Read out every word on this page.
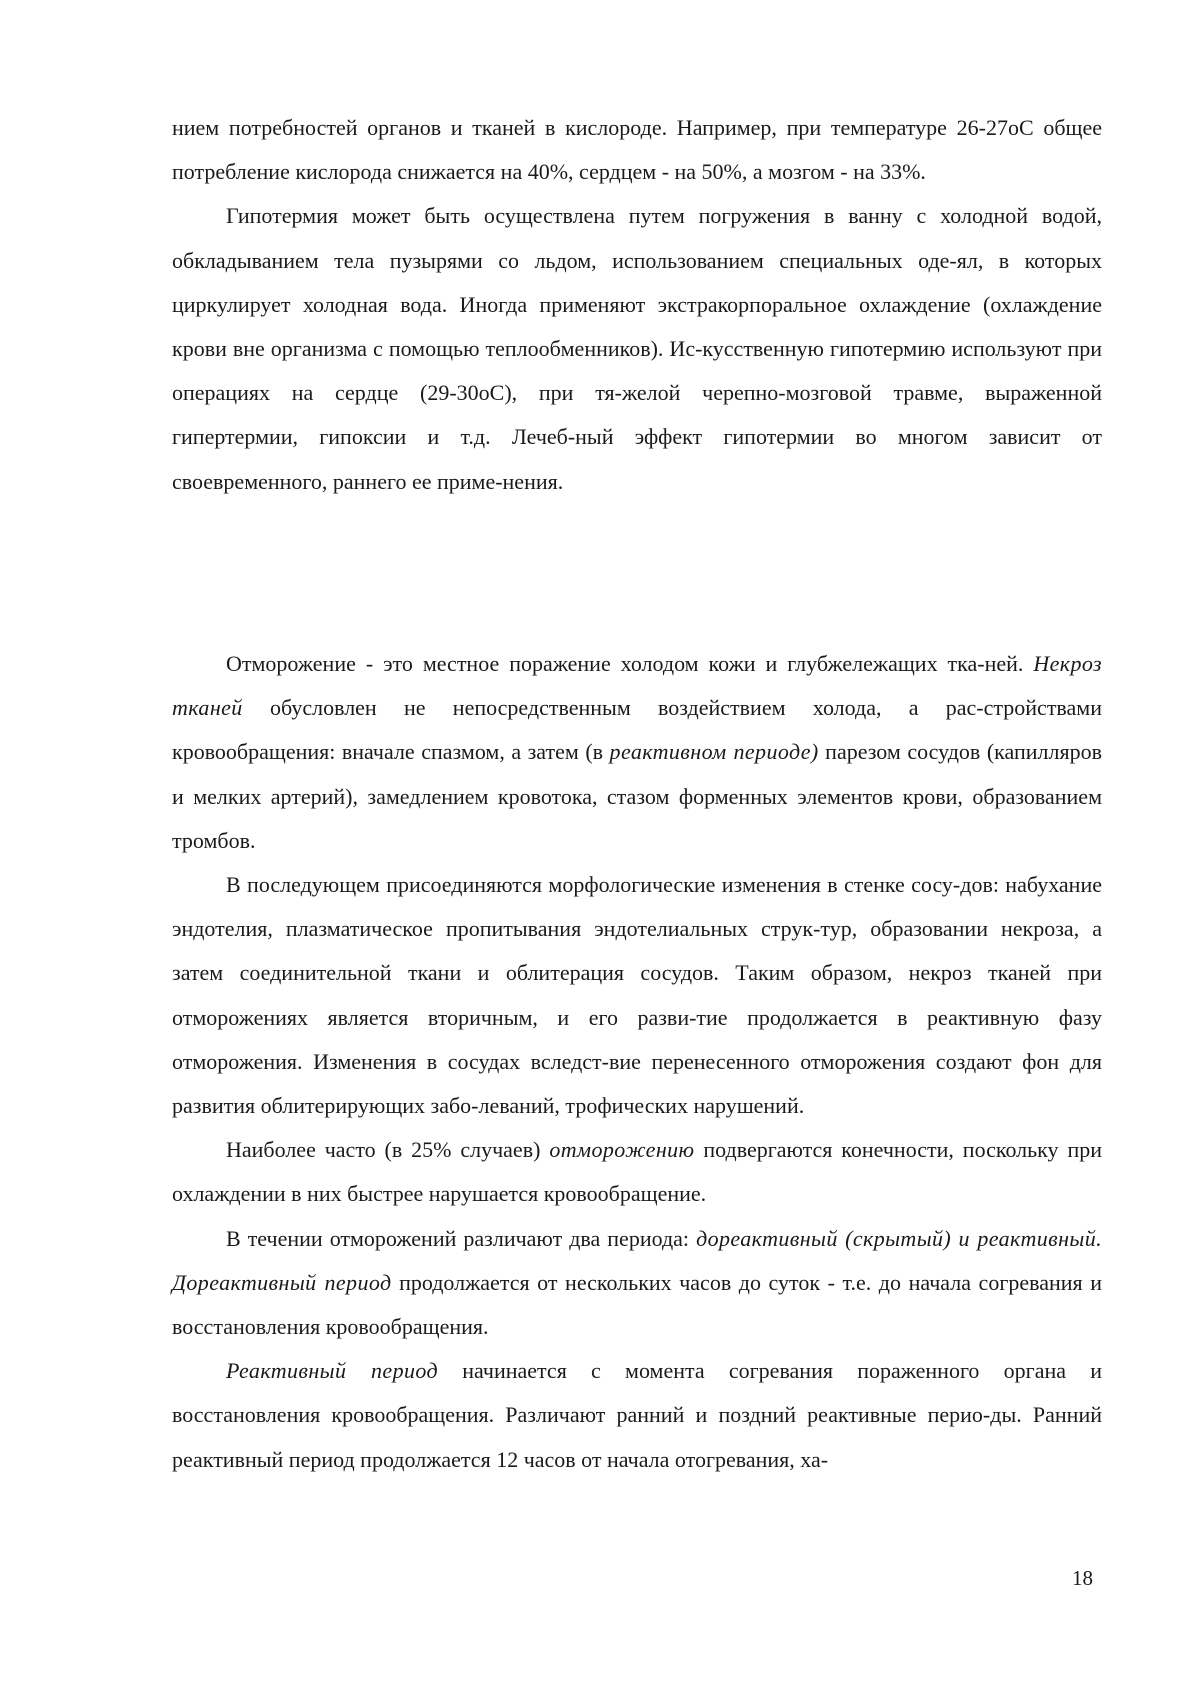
нием потребностей органов и тканей в кислороде. Например, при температуре 26-27оС общее потребление кислорода снижается на 40%, сердцем - на 50%, а мозгом - на 33%.

Гипотермия может быть осуществлена путем погружения в ванну с холодной водой, обкладыванием тела пузырями со льдом, использованием специальных оде-ял, в которых циркулирует холодная вода. Иногда применяют экстракорпоральное охлаждение (охлаждение крови вне организма с помощью теплообменников). Ис-кусственную гипотермию используют при операциях на сердце (29-30оС), при тя-желой черепно-мозговой травме, выраженной гипертермии, гипоксии и т.д. Лечеб-ный эффект гипотермии во многом зависит от своевременного, раннего ее приме-нения.

Отморожение - это местное поражение холодом кожи и глубжележащих тка-ней. Некроз тканей обусловлен не непосредственным воздействием холода, а рас-стройствами кровообращения: вначале спазмом, а затем (в реактивном периоде) парезом сосудов (капилляров и мелких артерий), замедлением кровотока, стазом форменных элементов крови, образованием тромбов.

В последующем присоединяются морфологические изменения в стенке сосу-дов: набухание эндотелия, плазматическое пропитывания эндотелиальных струк-тур, образовании некроза, а затем соединительной ткани и облитерация сосудов. Таким образом, некроз тканей при отморожениях является вторичным, и его разви-тие продолжается в реактивную фазу отморожения. Изменения в сосудах вследст-вие перенесенного отморожения создают фон для развития облитерирующих забо-леваний, трофических нарушений.

Наиболее часто (в 25% случаев) отморожению подвергаются конечности, поскольку при охлаждении в них быстрее нарушается кровообращение.

В течении отморожений различают два периода: дореактивный (скрытый) и реактивный. Дореактивный период продолжается от нескольких часов до суток - т.е. до начала согревания и восстановления кровообращения.

Реактивный период начинается с момента согревания пораженного органа и восстановления кровообращения. Различают ранний и поздний реактивные перио-ды. Ранний реактивный период продолжается 12 часов от начала отогревания, ха-

18
